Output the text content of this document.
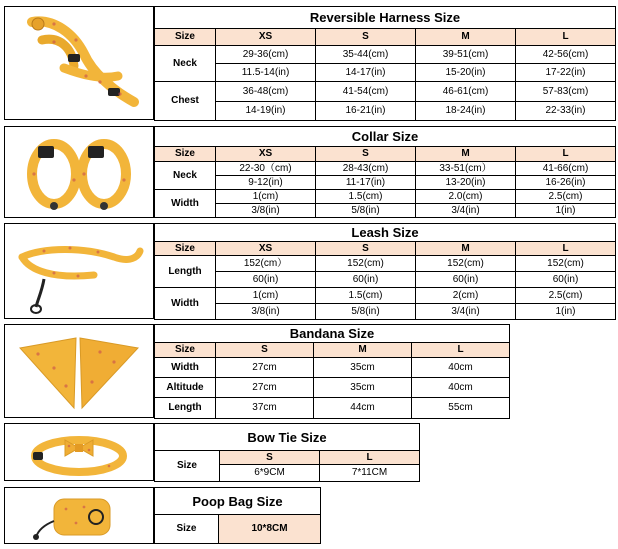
Reversible Harness Size				
Size	XS	S	M	L
Neck	29-36(cm)	35-44(cm)	39-51(cm)	42-56(cm)
	11.5-14(in)	14-17(in)	15-20(in)	17-22(in)
Chest	36-48(cm)	41-54(cm)	46-61(cm)	57-83(cm)
	14-19(in)	16-21(in)	18-24(in)	22-33(in)
Collar Size				
Size	XS	S	M	L
Neck	22-30（cm)	28-43(cm)	33-51(cm）	41-66(cm)
	9-12(in)	11-17(in)	13-20(in)	16-26(in)
Width	1(cm)	1.5(cm)	2.0(cm)	2.5(cm)
	3/8(in)	5/8(in)	3/4(in)	1(in)
Leash Size				
Size	XS	S	M	L
Length	152(cm）	152(cm)	152(cm)	152(cm)
	60(in)	60(in)	60(in)	60(in)
Width	1(cm)	1.5(cm)	2(cm)	2.5(cm)
	3/8(in)	5/8(in)	3/4(in)	1(in)
Bandana Size			
Size	S	M	L
Width	27cm	35cm	40cm
Altitude	27cm	35cm	40cm
Length	37cm	44cm	55cm
Bow Tie Size		
Size	S	L
	6*9CM	7*11CM
Poop Bag Size
Size	10*8CM
